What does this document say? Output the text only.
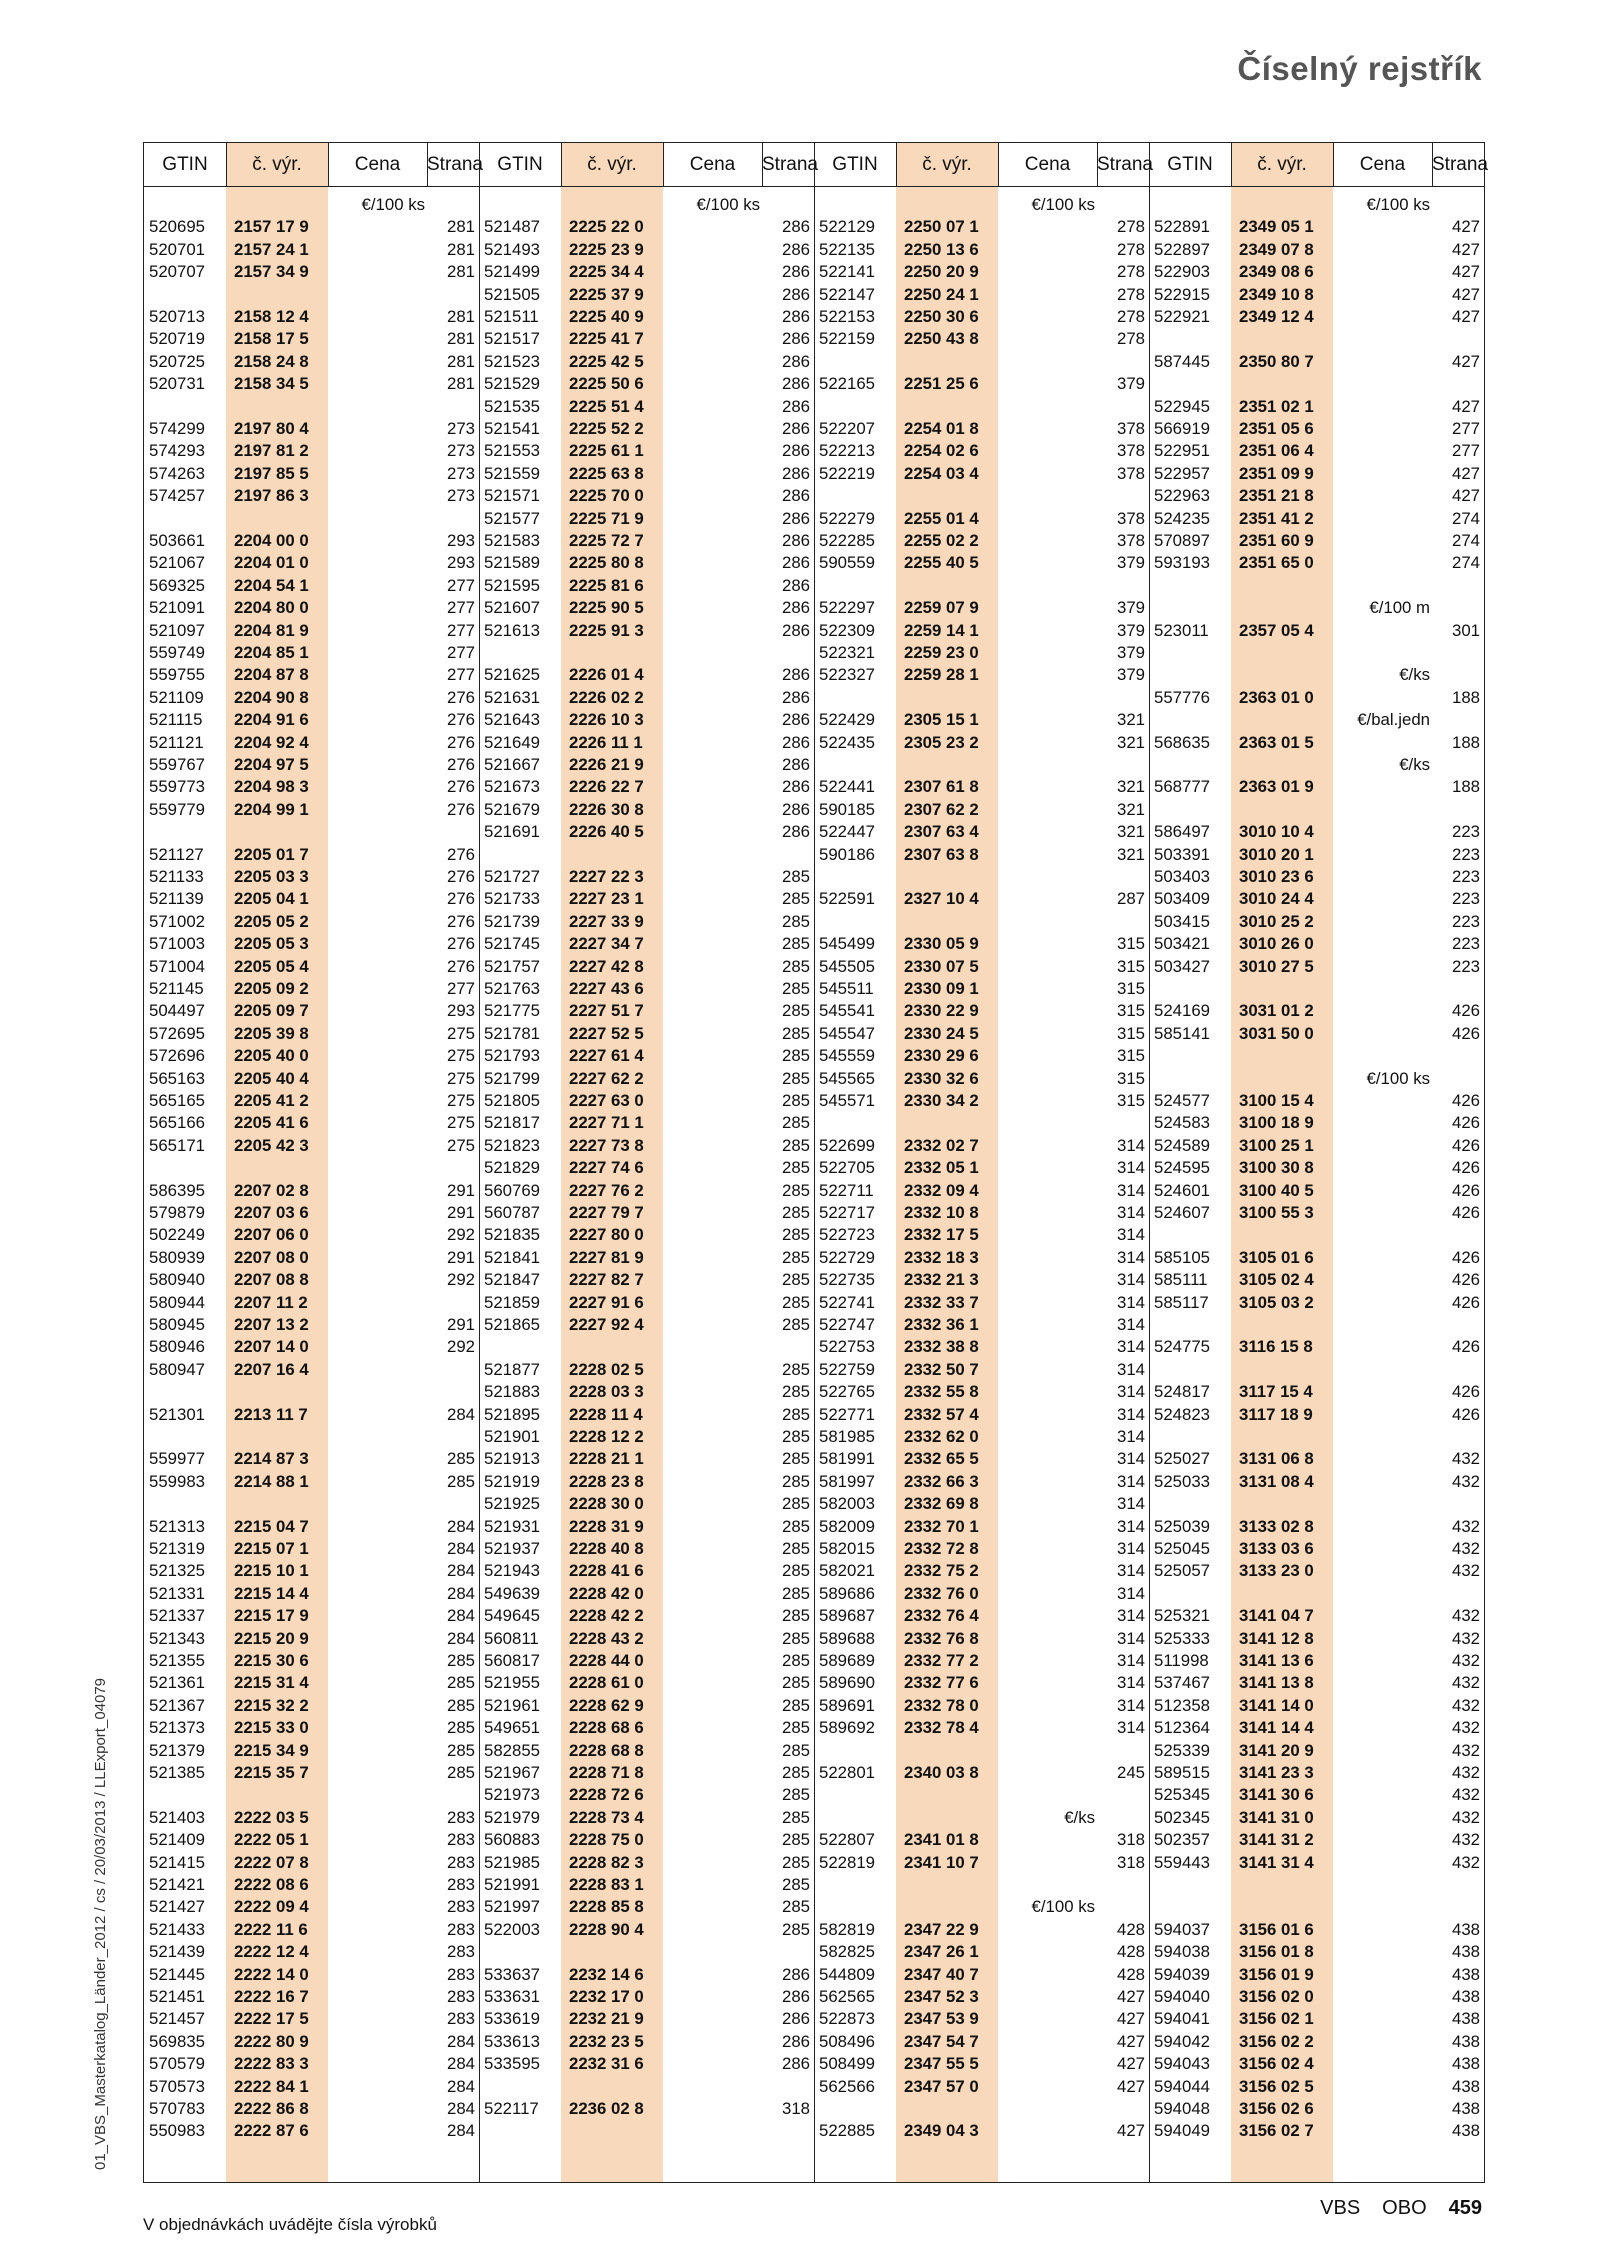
Číselný rejstřík
01_VBS_Masterkatalog_Länder_2012 / cs / 20/03/2013 / LLExport_04079
GTIN	č. výr.	Cena	Strana
€/100 ks
520695 2157 17 9	281
520701 2157 24 1	281
520707 2157 34 9	281
520713 2158 12 4	281
520719 2158 17 5	281
520725 2158 24 8	281
520731 2158 34 5	281
574299 2197 80 4	273
574293 2197 81 2	273
574263 2197 85 5	273
574257 2197 86 3	273
503661 2204 00 0	293
521067 2204 01 0	293
569325 2204 54 1	277
521091 2204 80 0	277
521097 2204 81 9	277
559749 2204 85 1	277
559755 2204 87 8	277
521109 2204 90 8	276
521115 2204 91 6	276
521121 2204 92 4	276
559767 2204 97 5	276
559773 2204 98 3	276
559779 2204 99 1	276
521127 2205 01 7	276
521133 2205 03 3	276
521139 2205 04 1	276
571002 2205 05 2	276
571003 2205 05 3	276
571004 2205 05 4	276
521145 2205 09 2	277
504497 2205 09 7	293
572695 2205 39 8	275
572696 2205 40 0	275
565163 2205 40 4	275
565165 2205 41 2	275
565166 2205 41 6	275
565171 2205 42 3	275
586395 2207 02 8	291
579879 2207 03 6	291
502249 2207 06 0	292
580939 2207 08 0	291
580940 2207 08 8	292
580944 2207 11 2
580945 2207 13 2	291
580946 2207 14 0	292
580947 2207 16 4
521301 2213 11 7	284
559977 2214 87 3	285
559983 2214 88 1	285
521313 2215 04 7	284
521319 2215 07 1	284
521325 2215 10 1	284
521331 2215 14 4	284
521337 2215 17 9	284
521343 2215 20 9	284
521355 2215 30 6	285
521361 2215 31 4	285
521367 2215 32 2	285
521373 2215 33 0	285
521379 2215 34 9	285
521385 2215 35 7	285
521403 2222 03 5	283
521409 2222 05 1	283
521415 2222 07 8	283
521421 2222 08 6	283
521427 2222 09 4	283
521433 2222 11 6	283
521439 2222 12 4	283
521445 2222 14 0	283
521451 2222 16 7	283
521457 2222 17 5	283
569835 2222 80 9	284
570579 2222 83 3	284
570573 2222 84 1	284
570783 2222 86 8	284
550983 2222 87 6	284
GTIN	č. výr.	Cena	Strana
€/100 ks
521487 2225 22 0	286
521493 2225 23 9	286
521499 2225 34 4	286
521505 2225 37 9	286
521511 2225 40 9	286
521517 2225 41 7	286
521523 2225 42 5	286
521529 2225 50 6	286
521535 2225 51 4	286
521541 2225 52 2	286
521553 2225 61 1	286
521559 2225 63 8	286
521571 2225 70 0	286
521577 2225 71 9	286
521583 2225 72 7	286
521589 2225 80 8	286
521595 2225 81 6	286
521607 2225 90 5	286
521613 2225 91 3	286
521625 2226 01 4	286
521631 2226 02 2	286
521643 2226 10 3	286
521649 2226 11 1	286
521667 2226 21 9	286
521673 2226 22 7	286
521679 2226 30 8	286
521691 2226 40 5	286
521727 2227 22 3	285
521733 2227 23 1	285
521739 2227 33 9	285
521745 2227 34 7	285
521757 2227 42 8	285
521763 2227 43 6	285
521775 2227 51 7	285
521781 2227 52 5	285
521793 2227 61 4	285
521799 2227 62 2	285
521805 2227 63 0	285
521817 2227 71 1	285
521823 2227 73 8	285
521829 2227 74 6	285
560769 2227 76 2	285
560787 2227 79 7	285
521835 2227 80 0	285
521841 2227 81 9	285
521847 2227 82 7	285
521859 2227 91 6	285
521865 2227 92 4	285
521877 2228 02 5	285
521883 2228 03 3	285
521895 2228 11 4	285
521901 2228 12 2	285
521913 2228 21 1	285
521919 2228 23 8	285
521925 2228 30 0	285
521931 2228 31 9	285
521937 2228 40 8	285
521943 2228 41 6	285
549639 2228 42 0	285
549645 2228 42 2	285
560811 2228 43 2	285
560817 2228 44 0	285
521955 2228 61 0	285
521961 2228 62 9	285
549651 2228 68 6	285
582855 2228 68 8	285
521967 2228 71 8	285
521973 2228 72 6	285
521979 2228 73 4	285
560883 2228 75 0	285
521985 2228 82 3	285
521991 2228 83 1	285
521997 2228 85 8	285
522003 2228 90 4	285
533637 2232 14 6	286
533631 2232 17 0	286
533619 2232 21 9	286
533613 2232 23 5	286
533595 2232 31 6	286
522117 2236 02 8	318
GTIN	č. výr.	Cena	Strana
€/100 ks
522129 2250 07 1	278
522135 2250 13 6	278
522141 2250 20 9	278
522147 2250 24 1	278
522153 2250 30 6	278
522159 2250 43 8	278
522165 2251 25 6	379
522207 2254 01 8	378
522213 2254 02 6	378
522219 2254 03 4	378
522279 2255 01 4	378
522285 2255 02 2	378
590559 2255 40 5	379
522297 2259 07 9	379
522309 2259 14 1	379
522321 2259 23 0	379
522327 2259 28 1	379
522429 2305 15 1	321
522435 2305 23 2	321
522441 2307 61 8	321
590185 2307 62 2	321
522447 2307 63 4	321
590186 2307 63 8	321
522591 2327 10 4	287
545499 2330 05 9	315
545505 2330 07 5	315
545511 2330 09 1	315
545541 2330 22 9	315
545547 2330 24 5	315
545559 2330 29 6	315
545565 2330 32 6	315
545571 2330 34 2	315
522699 2332 02 7	314
522705 2332 05 1	314
522711 2332 09 4	314
522717 2332 10 8	314
522723 2332 17 5	314
522729 2332 18 3	314
522735 2332 21 3	314
522741 2332 33 7	314
522747 2332 36 1	314
522753 2332 38 8	314
522759 2332 50 7	314
522765 2332 55 8	314
522771 2332 57 4	314
581985 2332 62 0	314
581991 2332 65 5	314
581997 2332 66 3	314
582003 2332 69 8	314
582009 2332 70 1	314
582015 2332 72 8	314
582021 2332 75 2	314
589686 2332 76 0	314
589687 2332 76 4	314
589688 2332 76 8	314
589689 2332 77 2	314
589690 2332 77 6	314
589691 2332 78 0	314
589692 2332 78 4	314
522801 2340 03 8	245
€/ks
522807 2341 01 8	318
522819 2341 10 7	318
€/100 ks
582819 2347 22 9	428
582825 2347 26 1	428
544809 2347 40 7	428
562565 2347 52 3	427
522873 2347 53 9	427
508496 2347 54 7	427
508499 2347 55 5	427
562566 2347 57 0	427
522885 2349 04 3	427
GTIN	č. výr.	Cena	Strana
€/100 ks
522891 2349 05 1	427
522897 2349 07 8	427
522903 2349 08 6	427
522915 2349 10 8	427
522921 2349 12 4	427
587445 2350 80 7	427
522945 2351 02 1	427
566919 2351 05 6	277
522951 2351 06 4	277
522957 2351 09 9	427
522963 2351 21 8	427
524235 2351 41 2	274
570897 2351 60 9	274
593193 2351 65 0	274
€/100 m
523011 2357 05 4	301
€/ks
557776 2363 01 0	188
€/bal.jedn
568635 2363 01 5	188
€/ks
568777 2363 01 9	188
586497 3010 10 4	223
503391 3010 20 1	223
503403 3010 23 6	223
503409 3010 24 4	223
503415 3010 25 2	223
503421 3010 26 0	223
503427 3010 27 5	223
524169 3031 01 2	426
585141 3031 50 0	426
€/100 ks
524577 3100 15 4	426
524583 3100 18 9	426
524589 3100 25 1	426
524595 3100 30 8	426
524601 3100 40 5	426
524607 3100 55 3	426
585105 3105 01 6	426
585111 3105 02 4	426
585117 3105 03 2	426
524775 3116 15 8	426
524817 3117 15 4	426
524823 3117 18 9	426
525027 3131 06 8	432
525033 3131 08 4	432
525039 3133 02 8	432
525045 3133 03 6	432
525057 3133 23 0	432
525321 3141 04 7	432
525333 3141 12 8	432
511998 3141 13 6	432
537467 3141 13 8	432
512358 3141 14 0	432
512364 3141 14 4	432
525339 3141 20 9	432
589515 3141 23 3	432
525345 3141 30 6	432
502345 3141 31 0	432
502357 3141 31 2	432
559443 3141 31 4	432
594037 3156 01 6	438
594038 3156 01 8	438
594039 3156 01 9	438
594040 3156 02 0	438
594041 3156 02 1	438
594042 3156 02 2	438
594043 3156 02 4	438
594044 3156 02 5	438
594048 3156 02 6	438
594049 3156 02 7	438
V objednávkách uvádějte čísla výrobků
VBS OBO 459
